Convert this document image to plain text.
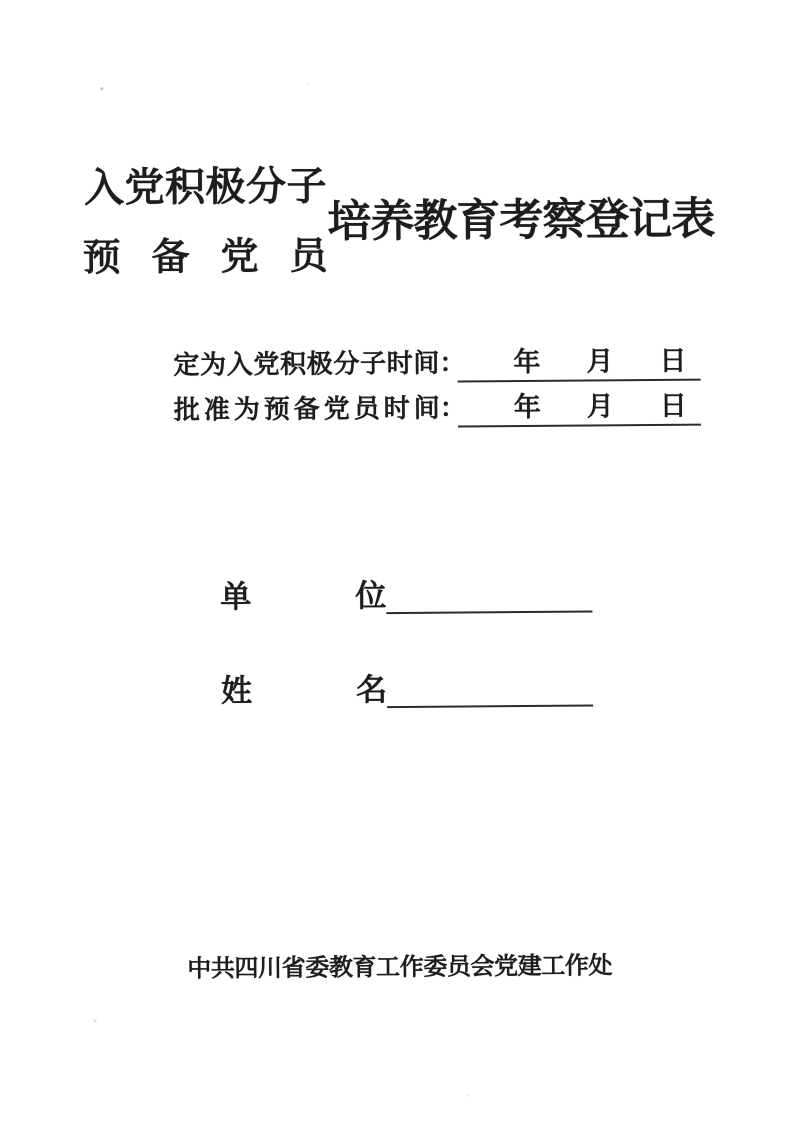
入党积极分子
预 备 党 员
培养教育考察登记表
定 为 入 党 积 极 分 子 时 间 ： 年 月 日
批 准 为 预 备 党 员 时 间 ： 年 月 日
单	位
姓	名
中共四川省委教育工作委员会党建工作处
